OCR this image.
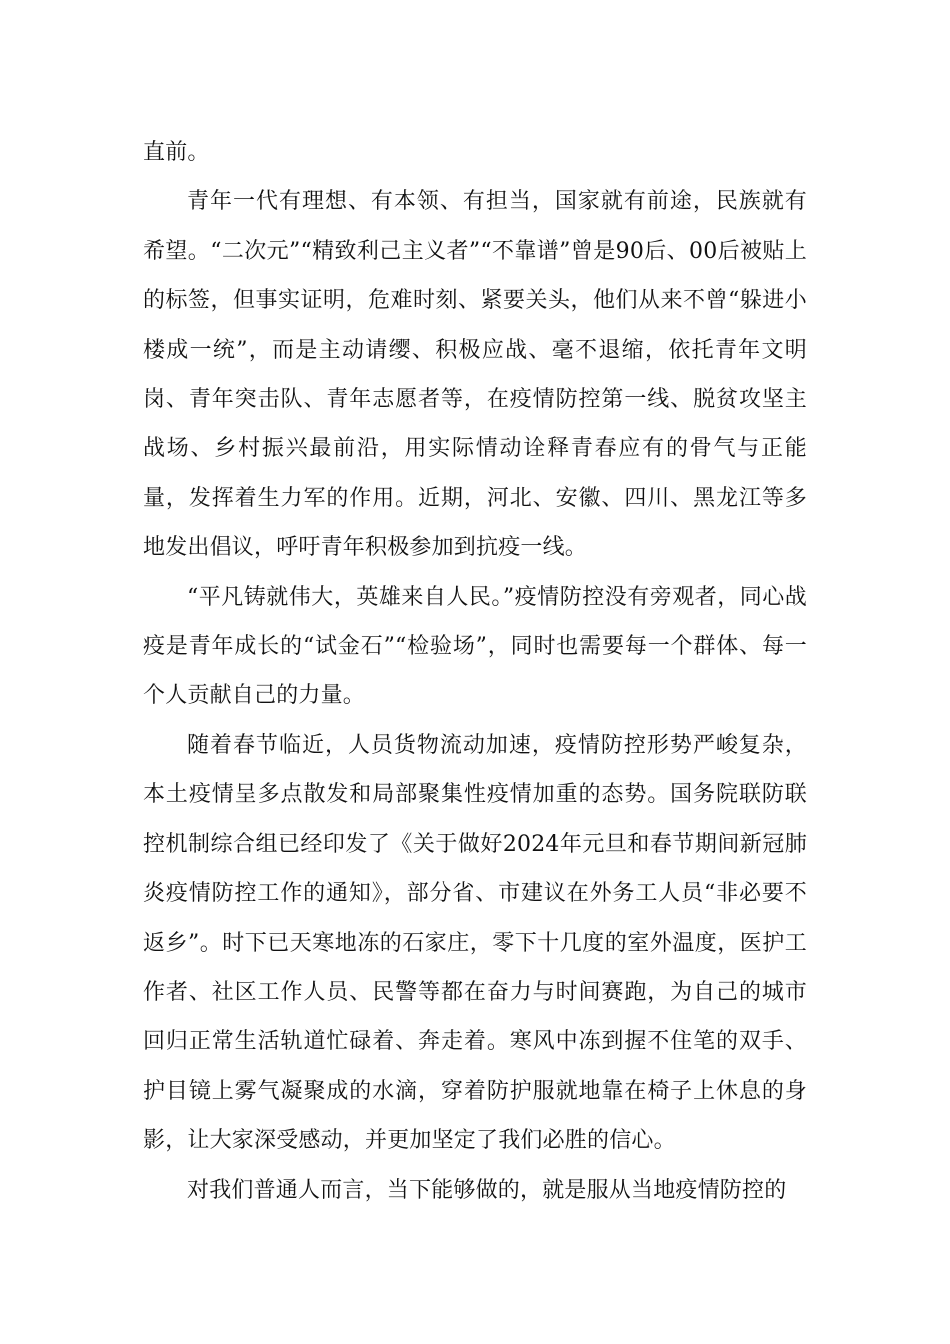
直前。

青年一代有理想、有本领、有担当，国家就有前途，民族就有希望。“二次元”“精致利己主义者”“不靠谱”曾是90后、00后被贴上的标签，但事实证明，危难时刻、紧要关头，他们从来不曾“躲进小楼成一统”，而是主动请缨、积极应战、毫不退缩，依托青年文明岗、青年突击队、青年志愿者等，在疫情防控第一线、脱贫攻坚主战场、乡村振兴最前沿，用实际情动诠释青春应有的骨气与正能量，发挥着生力军的作用。近期，河北、安徽、四川、黑龙江等多地发出倡议，呼吁青年积极参加到抗疫一线。

“平凡铸就伟大，英雄来自人民。”疫情防控没有旁观者，同心战疫是青年成长的“试金石”“检验场”，同时也需要每一个群体、每一个人贡献自己的力量。

随着春节临近，人员货物流动加速，疫情防控形势严峻复杂，本土疫情呈多点散发和局部聚集性疫情加重的态势。国务院联防联控机制综合组已经印发了《关于做好2024年元旦和春节期间新冠肺炎疫情防控工作的通知》，部分省、市建议在外务工人员“非必要不返乡”。时下已天寒地冻的石家庄，零下十几度的室外温度，医护工作者、社区工作人员、民警等都在奋力与时间赛跑，为自己的城市回归正常生活轨道忙碌着、奔走着。寒风中冻到握不住笔的双手、护目镜上雾气凝聚成的水滴，穿着防护服就地靠在椅子上休息的身影，让大家深受感动，并更加坚定了我们必胜的信心。

对我们普通人而言，当下能够做的，就是服从当地疫情防控的
